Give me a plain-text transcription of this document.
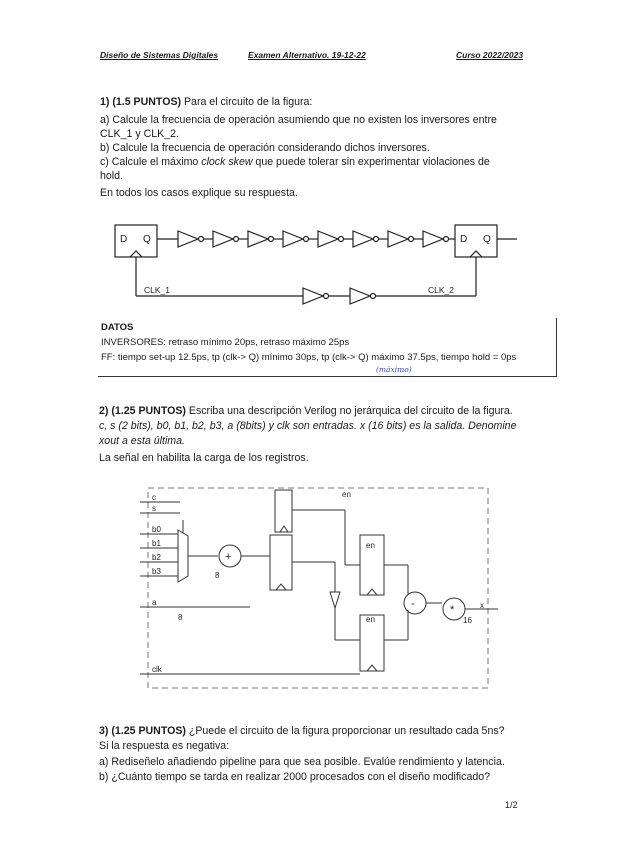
Diseño de Sistemas Digitales	Examen Alternativo. 19-12-22	Curso 2022/2023
1) (1.5 PUNTOS) Para el circuito de la figura:
a) Calcule la frecuencia de operación asumiendo que no existen los inversores entre
CLK_1 y CLK_2.
b) Calcule la frecuencia de operación considerando dichos inversores.
c) Calcule el máximo clock skew que puede tolerar sin experimentar violaciones de
hold.
En todos los casos explique su respuesta.
D Q	D Q
CLK_1	CLK_2
DATOS
INVERSORES: retraso mínimo 20ps, retraso máximo 25ps
FF: tiempo set-up 12.5ps, tp (clk-> Q) mínimo 30ps, tp (clk-> Q) máximo 37.5ps, tiempo hold = 0ps
(máximo)
2) (1.25 PUNTOS) Escriba una descripción Verilog no jerárquica del circuito de la figura.
c, s (2 bits), b0, b1, b2, b3, a (8bits) y clk son entradas. x (16 bits) es la salida. Denomine
xout a esta última.
La señal en habilita la carga de los registros.
en
c
s
b0
b1
b2
b3
a
clk
8
8
16
x
en
en
+
-	*
3) (1.25 PUNTOS) ¿Puede el circuito de la figura proporcionar un resultado cada 5ns?
Si la respuesta es negativa:
a) Rediseñelo añadiendo pipeline para que sea posible. Evalúe rendimiento y latencia.
b) ¿Cuánto tiempo se tarda en realizar 2000 procesados con el diseño modificado?
1/2
